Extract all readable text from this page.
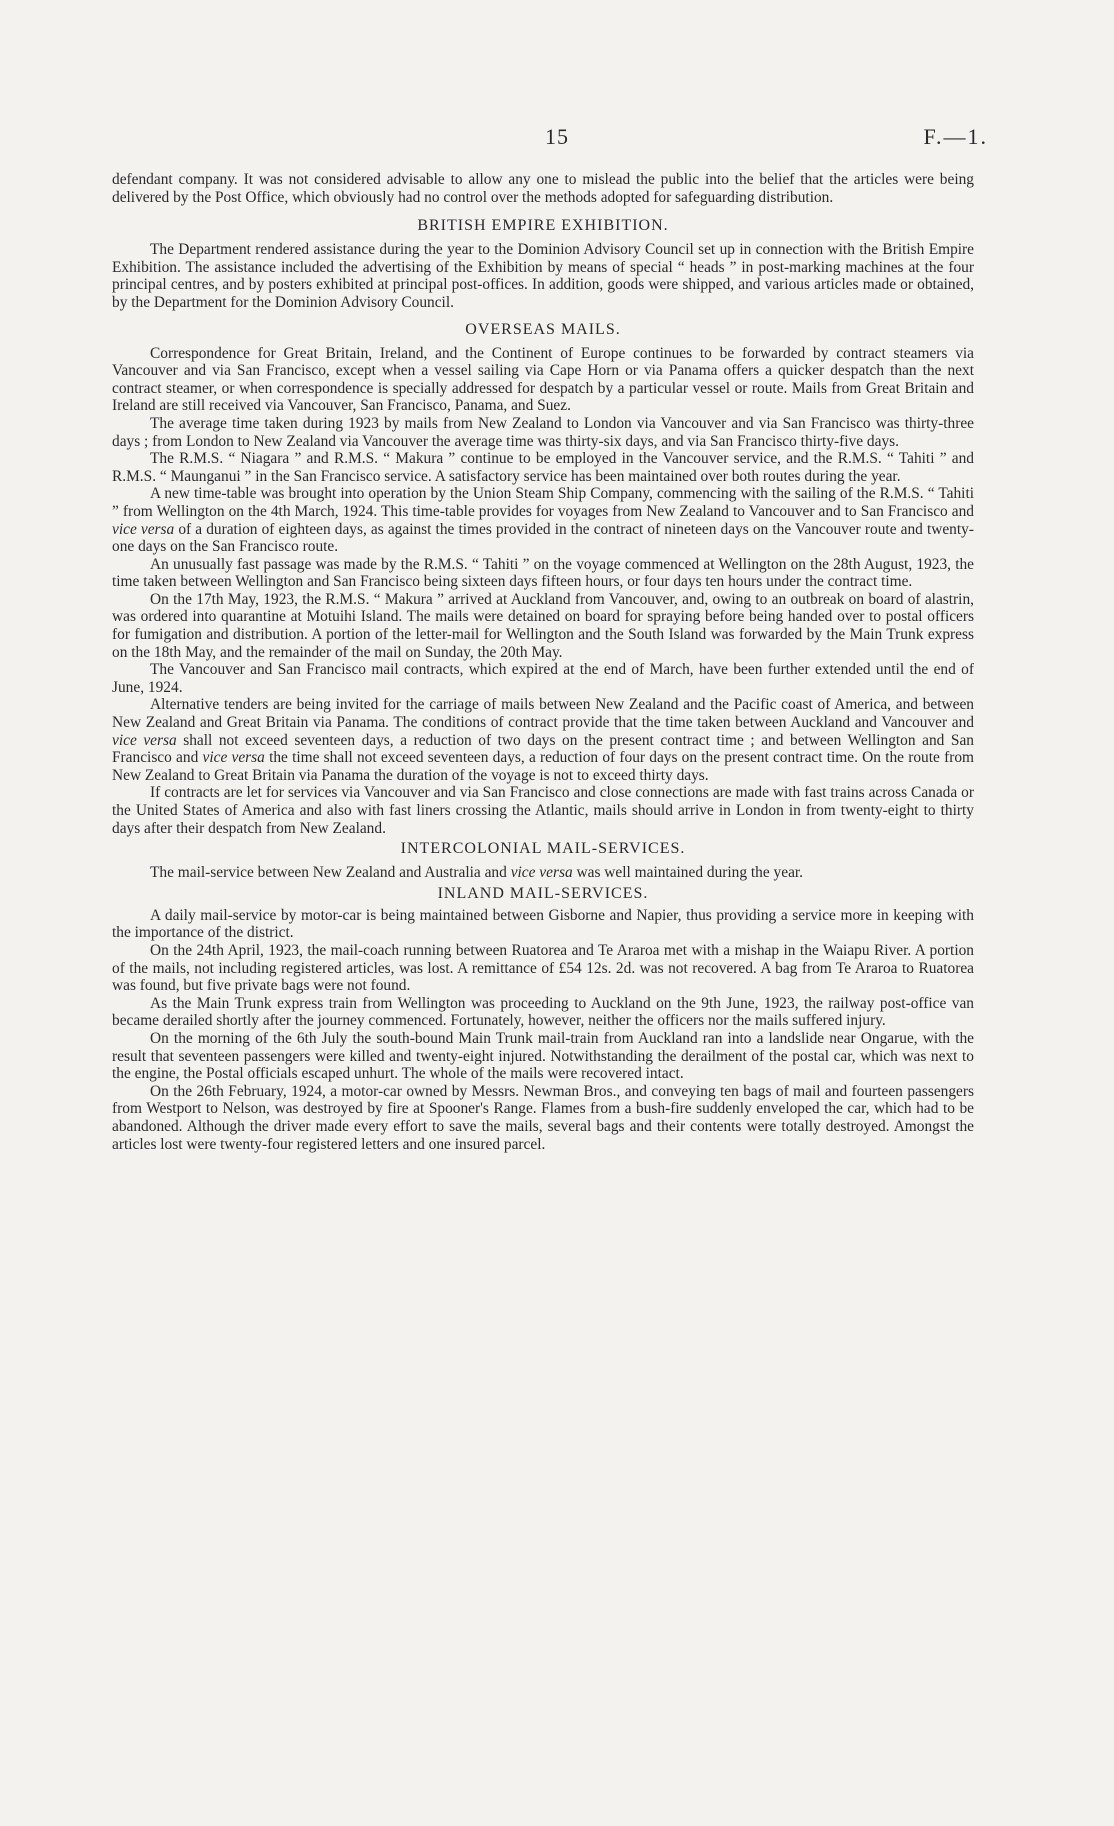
15	F.—1.

defendant company. It was not considered advisable to allow any one to mislead the public into the belief that the articles were being delivered by the Post Office, which obviously had no control over the methods adopted for safeguarding distribution.

BRITISH EMPIRE EXHIBITION.

The Department rendered assistance during the year to the Dominion Advisory Council set up in connection with the British Empire Exhibition. The assistance included the advertising of the Exhibition by means of special “ heads ” in post-marking machines at the four principal centres, and by posters exhibited at principal post-offices. In addition, goods were shipped, and various articles made or obtained, by the Department for the Dominion Advisory Council.

OVERSEAS MAILS.

Correspondence for Great Britain, Ireland, and the Continent of Europe continues to be forwarded by contract steamers via Vancouver and via San Francisco, except when a vessel sailing via Cape Horn or via Panama offers a quicker despatch than the next contract steamer, or when correspondence is specially addressed for despatch by a particular vessel or route. Mails from Great Britain and Ireland are still received via Vancouver, San Francisco, Panama, and Suez.

The average time taken during 1923 by mails from New Zealand to London via Vancouver and via San Francisco was thirty-three days ; from London to New Zealand via Vancouver the average time was thirty-six days, and via San Francisco thirty-five days.

The R.M.S. “ Niagara ” and R.M.S. “ Makura ” continue to be employed in the Vancouver service, and the R.M.S. “ Tahiti ” and R.M.S. “ Maunganui ” in the San Francisco service. A satisfactory service has been maintained over both routes during the year.

A new time-table was brought into operation by the Union Steam Ship Company, commencing with the sailing of the R.M.S. “ Tahiti ” from Wellington on the 4th March, 1924. This time-table provides for voyages from New Zealand to Vancouver and to San Francisco and vice versa of a duration of eighteen days, as against the times provided in the contract of nineteen days on the Vancouver route and twenty-one days on the San Francisco route.

An unusually fast passage was made by the R.M.S. “ Tahiti ” on the voyage commenced at Wellington on the 28th August, 1923, the time taken between Wellington and San Francisco being sixteen days fifteen hours, or four days ten hours under the contract time.

On the 17th May, 1923, the R.M.S. “ Makura ” arrived at Auckland from Vancouver, and, owing to an outbreak on board of alastrin, was ordered into quarantine at Motuihi Island. The mails were detained on board for spraying before being handed over to postal officers for fumigation and distribution. A portion of the letter-mail for Wellington and the South Island was forwarded by the Main Trunk express on the 18th May, and the remainder of the mail on Sunday, the 20th May.

The Vancouver and San Francisco mail contracts, which expired at the end of March, have been further extended until the end of June, 1924.

Alternative tenders are being invited for the carriage of mails between New Zealand and the Pacific coast of America, and between New Zealand and Great Britain via Panama. The conditions of contract provide that the time taken between Auckland and Vancouver and vice versa shall not exceed seventeen days, a reduction of two days on the present contract time ; and between Wellington and San Francisco and vice versa the time shall not exceed seventeen days, a reduction of four days on the present contract time. On the route from New Zealand to Great Britain via Panama the duration of the voyage is not to exceed thirty days.

If contracts are let for services via Vancouver and via San Francisco and close connections are made with fast trains across Canada or the United States of America and also with fast liners crossing the Atlantic, mails should arrive in London in from twenty-eight to thirty days after their despatch from New Zealand.

INTERCOLONIAL MAIL-SERVICES.

The mail-service between New Zealand and Australia and vice versa was well maintained during the year.

INLAND MAIL-SERVICES.

A daily mail-service by motor-car is being maintained between Gisborne and Napier, thus providing a service more in keeping with the importance of the district.

On the 24th April, 1923, the mail-coach running between Ruatorea and Te Araroa met with a mishap in the Waiapu River. A portion of the mails, not including registered articles, was lost. A remittance of £54 12s. 2d. was not recovered. A bag from Te Araroa to Ruatorea was found, but five private bags were not found.

As the Main Trunk express train from Wellington was proceeding to Auckland on the 9th June, 1923, the railway post-office van became derailed shortly after the journey commenced. Fortunately, however, neither the officers nor the mails suffered injury.

On the morning of the 6th July the south-bound Main Trunk mail-train from Auckland ran into a landslide near Ongarue, with the result that seventeen passengers were killed and twenty-eight injured. Notwithstanding the derailment of the postal car, which was next to the engine, the Postal officials escaped unhurt. The whole of the mails were recovered intact.

On the 26th February, 1924, a motor-car owned by Messrs. Newman Bros., and conveying ten bags of mail and fourteen passengers from Westport to Nelson, was destroyed by fire at Spooner's Range. Flames from a bush-fire suddenly enveloped the car, which had to be abandoned. Although the driver made every effort to save the mails, several bags and their contents were totally destroyed. Amongst the articles lost were twenty-four registered letters and one insured parcel.
